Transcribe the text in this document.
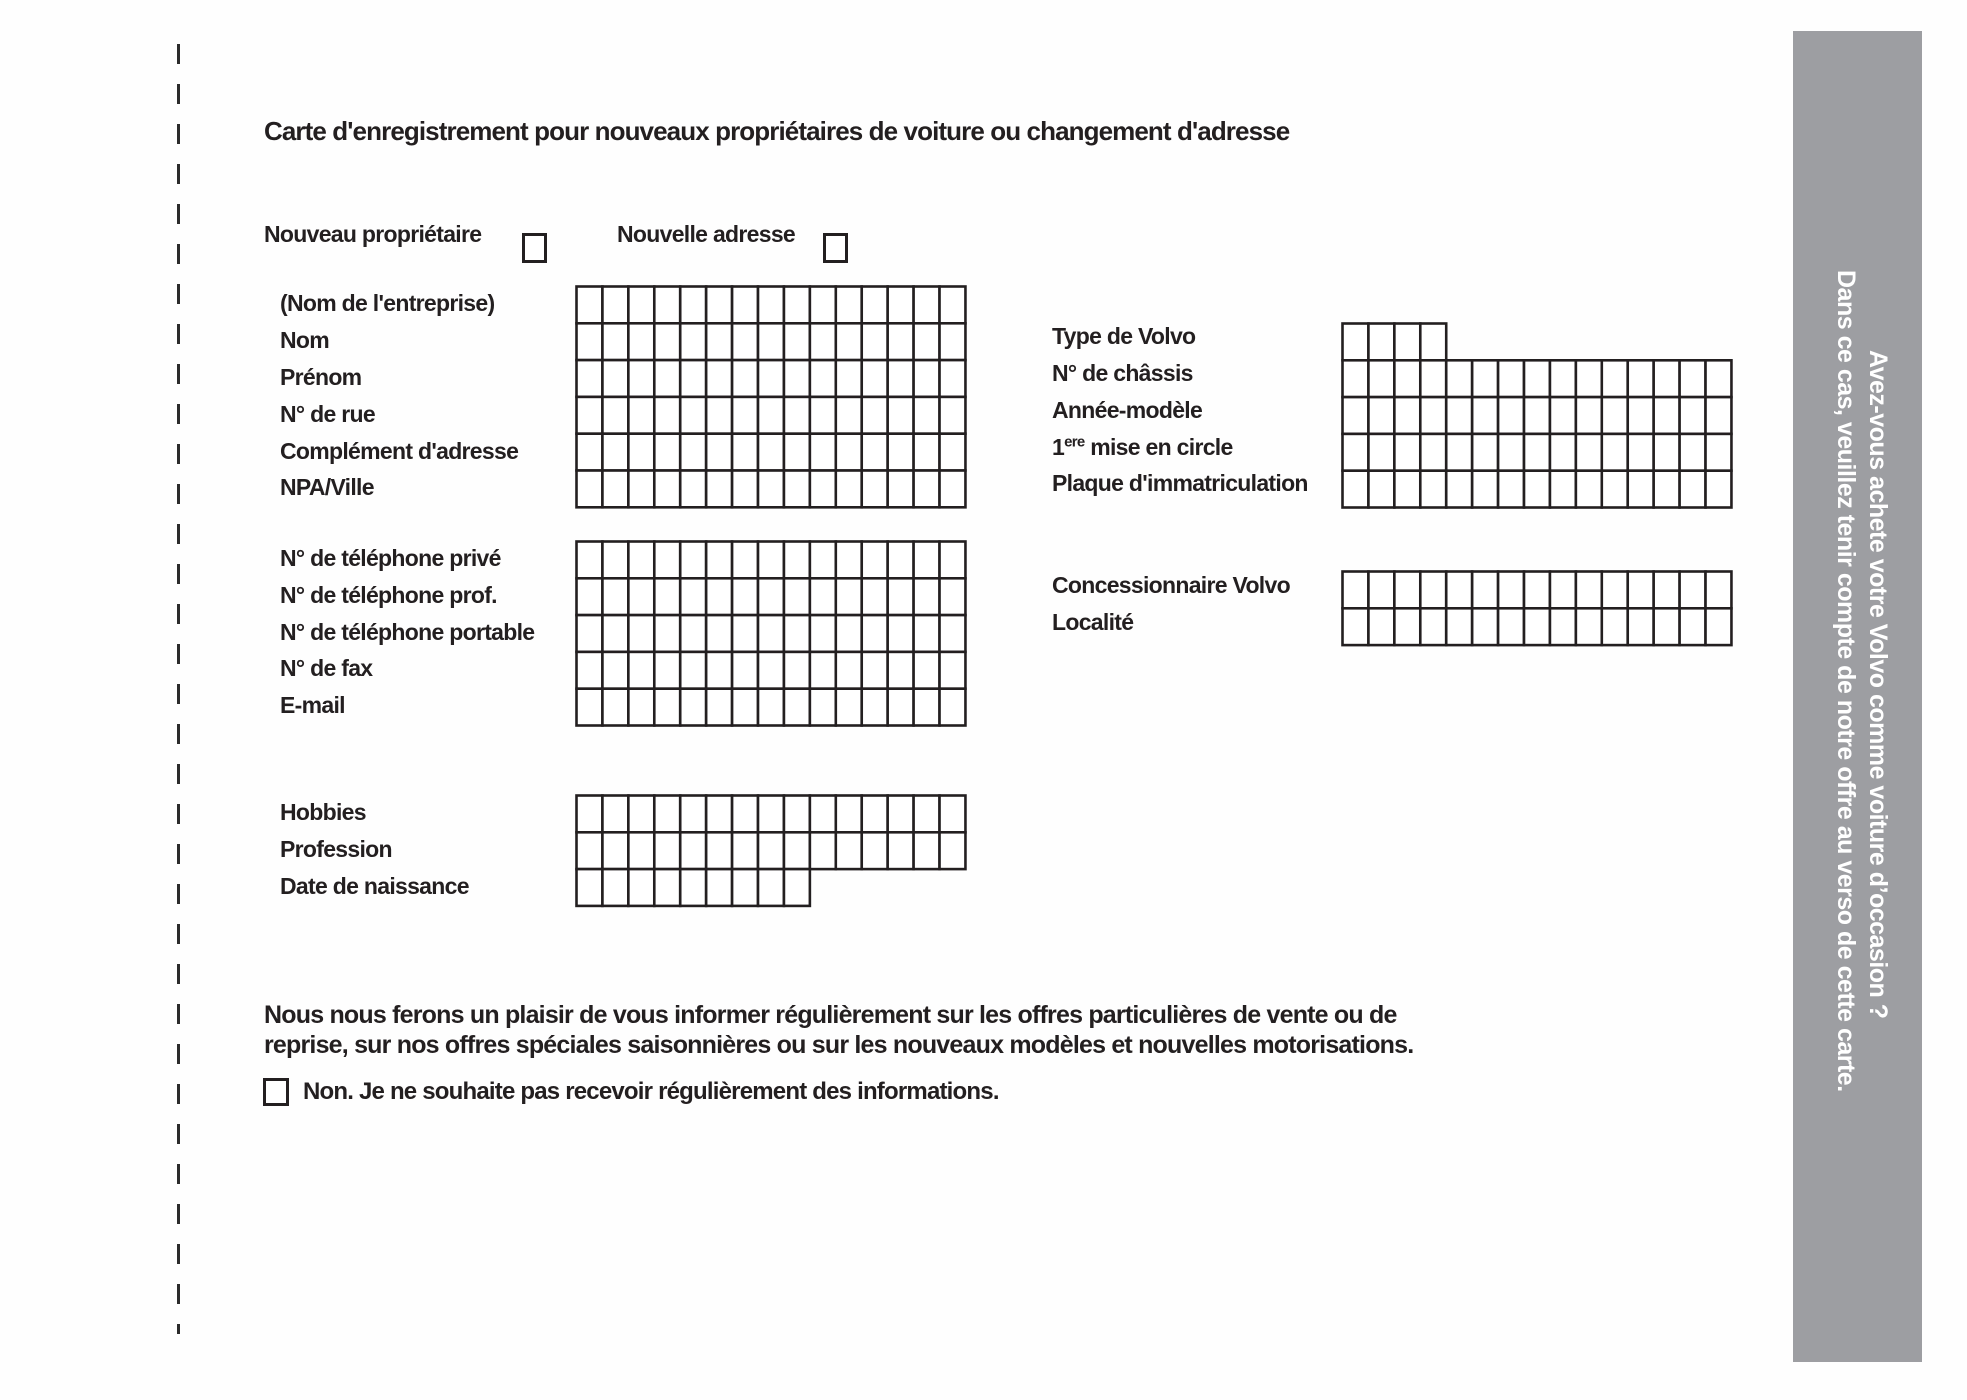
Carte d'enregistrement pour nouveaux propriétaires de voiture ou changement d'adresse
Nouveau propriétaire	Nouvelle adresse
(Nom de l'entreprise)
Nom
Prénom
N° de rue
Complément d'adresse
NPA/Ville
N° de téléphone privé
N° de téléphone prof.
N° de téléphone portable
N° de fax
E-mail
Hobbies
Profession
Date de naissance
Type de Volvo
N° de châssis
Année-modèle
1ere mise en circle
Plaque d'immatriculation
Concessionnaire Volvo
Localité
Nous nous ferons un plaisir de vous informer régulièrement sur les offres particulières de vente ou de
reprise, sur nos offres spéciales saisonnières ou sur les nouveaux modèles et nouvelles motorisations.
Non. Je ne souhaite pas recevoir régulièrement des informations.
Avez-vous achete votre Volvo comme voiture d’occasion ?
Dans ce cas, veuillez tenir compte de notre offre au verso de cette carte.
